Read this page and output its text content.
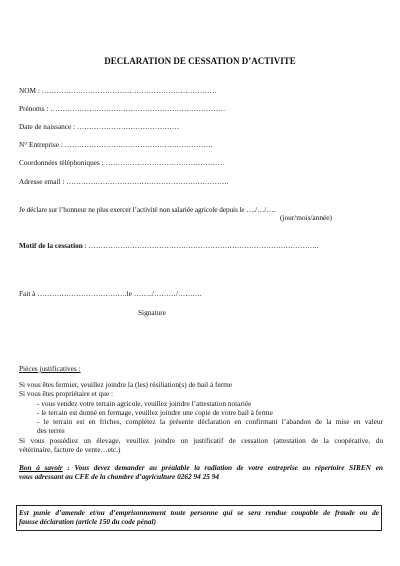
DECLARATION DE CESSATION D’ACTIVITE
NOM : ………………………………………………………………
Prénoms : ………………………………………………………………
Date de naissance : ……………………………………
N° Entreprise : …………………………………………………….
Coordonnées téléphoniques : ………………………………………….
Adresse email : ………………………………………………………….
Je déclare sur l’honneur ne plus exercer l’activité non salariée agricole depuis le …./…/….
(jour/mois/année)
Motif de la cessation : …………………………………………………………………………………..
Fait à ……………………………….le ……../………/……….
Signature
Pièces justificatives :
Si vous êtes fermier, veuillez joindre la (les) résiliation(s) de bail à ferme
Si vous êtes propriétaire et que :
- vous vendez votre terrain agricole, veuillez joindre l’attestation notariée
- le terrain est donné en fermage, veuillez joindre une copie de votre bail à ferme
- le terrain est en friches, complétez la présente déclaration en confirmant l’abandon de la mise en valeur
des terres
Si vous possédiez un élevage, veuillez joindre un justificatif de cessation (attestation de la coopérative, du
vétérinaire, facture de vente…etc.)
Bon à savoir : Vous devez demander au préalable la radiation de votre entreprise au répertoire SIREN en
vous adressant au CFE de la chambre d’agriculture 0262 94 25 94
Est punie d’amende et/ou d’emprisonnement toute personne qui se sera rendue coupable de fraude ou de
fausse déclaration (article 150 du code pénal)
